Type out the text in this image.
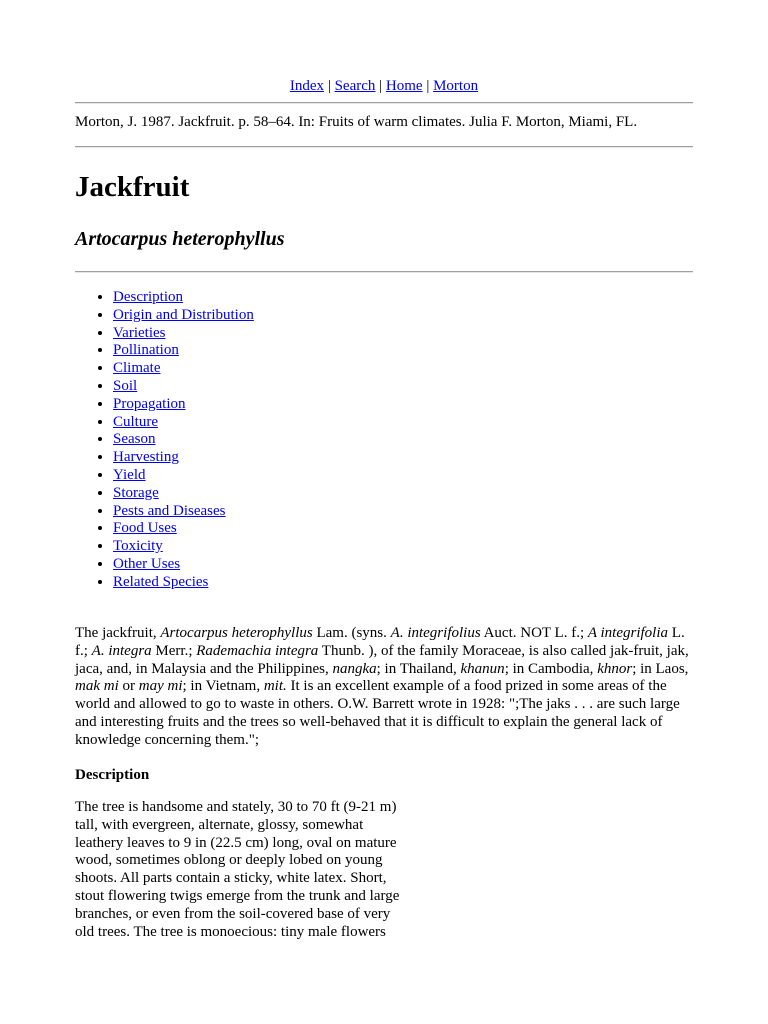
Index | Search | Home | Morton
Morton, J. 1987. Jackfruit. p. 58–64. In: Fruits of warm climates. Julia F. Morton, Miami, FL.
Jackfruit
Artocarpus heterophyllus
• Description
• Origin and Distribution
• Varieties
• Pollination
• Climate
• Soil
• Propagation
• Culture
• Season
• Harvesting
• Yield
• Storage
• Pests and Diseases
• Food Uses
• Toxicity
• Other Uses
• Related Species

The jackfruit, Artocarpus heterophyllus Lam. (syns. A. integrifolius Auct. NOT L. f.; A integrifolia L. f.; A. integra Merr.; Rademachia integra Thunb. ), of the family Moraceae, is also called jak-fruit, jak, jaca, and, in Malaysia and the Philippines, nangka; in Thailand, khanun; in Cambodia, khnor; in Laos, mak mi or may mi; in Vietnam, mit. It is an excellent example of a food prized in some areas of the world and allowed to go to waste in others. O.W. Barrett wrote in 1928: ";The jaks . . . are such large and interesting fruits and the trees so well-behaved that it is difficult to explain the general lack of knowledge concerning them.";

Description

The tree is handsome and stately, 30 to 70 ft (9-21 m) tall, with evergreen, alternate, glossy, somewhat leathery leaves to 9 in (22.5 cm) long, oval on mature wood, sometimes oblong or deeply lobed on young shoots. All parts contain a sticky, white latex. Short, stout flowering twigs emerge from the trunk and large branches, or even from the soil-covered base of very old trees. The tree is monoecious: tiny male flowers
